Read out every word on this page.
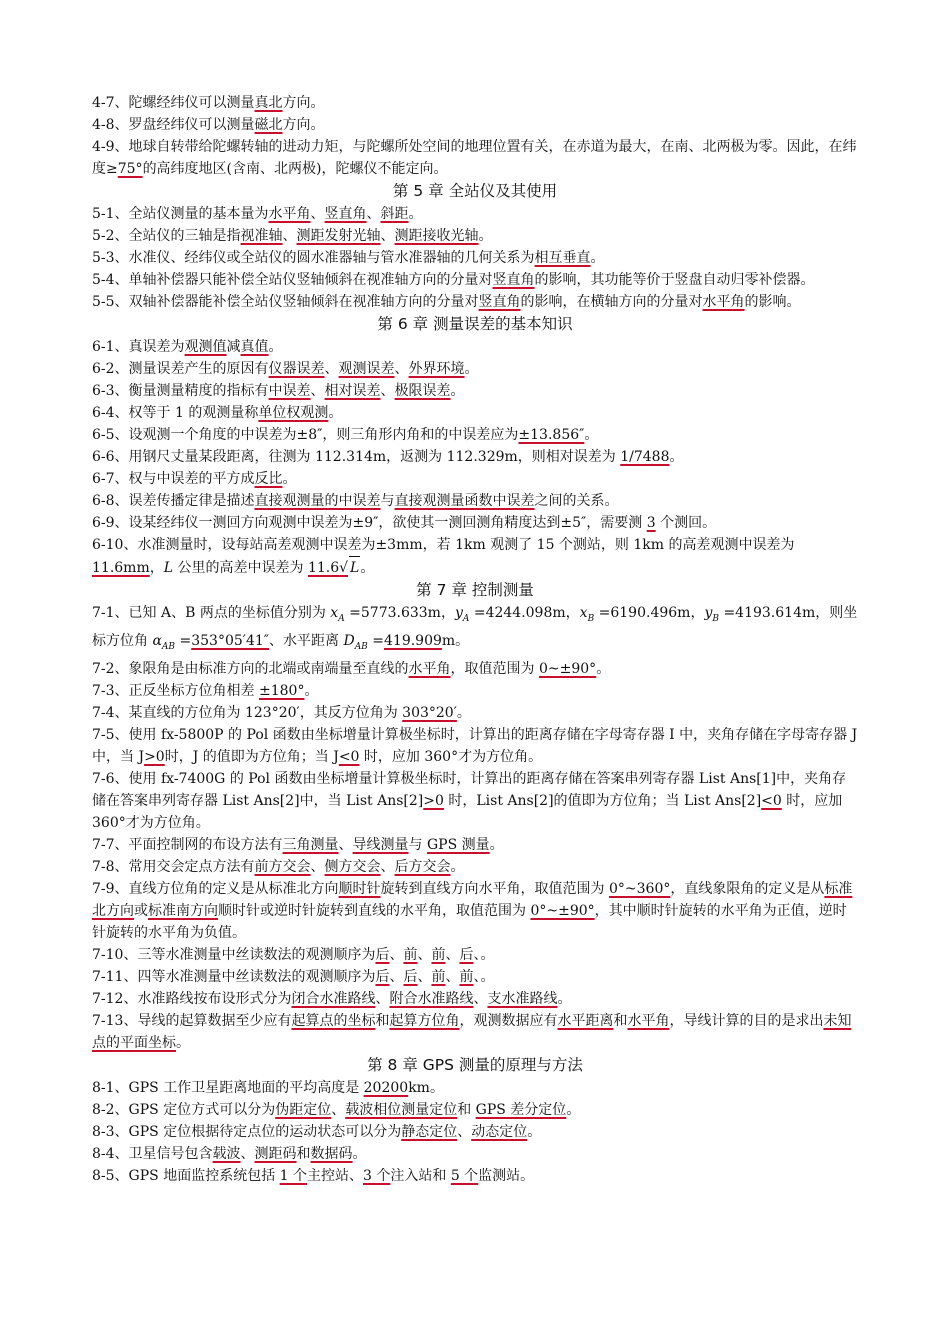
4-7、陀螺经纬仪可以测量真北方向。

4-8、罗盘经纬仪可以测量磁北方向。

4-9、地球自转带给陀螺转轴的进动力矩，与陀螺所处空间的地理位置有关，在赤道为最大，在南、北两极为零。因此，在纬度≥75°的高纬度地区(含南、北两极)，陀螺仪不能定向。

第 5 章 全站仪及其使用

5-1、全站仪测量的基本量为水平角、竖直角、斜距。

5-2、全站仪的三轴是指视准轴、测距发射光轴、测距接收光轴。

5-3、水准仪、经纬仪或全站仪的圆水准器轴与管水准器轴的几何关系为相互垂直。

5-4、单轴补偿器只能补偿全站仪竖轴倾斜在视准轴方向的分量对竖直角的影响，其功能等价于竖盘自动归零补偿器。

5-5、双轴补偿器能补偿全站仪竖轴倾斜在视准轴方向的分量对竖直角的影响，在横轴方向的分量对水平角的影响。

第 6 章 测量误差的基本知识

6-1、真误差为观测值减真值。

6-2、测量误差产生的原因有仪器误差、观测误差、外界环境。

6-3、衡量测量精度的指标有中误差、相对误差、极限误差。

6-4、权等于 1 的观测量称单位权观测。

6-5、设观测一个角度的中误差为±8″，则三角形内角和的中误差应为±13.856″。

6-6、用钢尺丈量某段距离，往测为 112.314m，返测为 112.329m，则相对误差为 1/7488。

6-7、权与中误差的平方成反比。

6-8、误差传播定律是描述直接观测量的中误差与直接观测量函数中误差之间的关系。

6-9、设某经纬仪一测回方向观测中误差为±9″，欲使其一测回测角精度达到±5″，需要测 3 个测回。

6-10、水准测量时，设每站高差观测中误差为±3mm，若 1km 观测了 15 个测站，则 1km 的高差观测中误差为 11.6mm，L 公里的高差中误差为 11.6√ L。

第 7 章 控制测量

7-1、已知 A、B 两点的坐标值分别为 $x_A =5773.633m$，$y_A =4244.098m$，$x_B =6190.496m$，$y_B =4193.614m$，则坐标方位角 $\alpha_{AB} =353^\circ 05'41''$、水平距离 $D_{AB} =419.909m$。

7-2、象限角是由标准方向的北端或南端量至直线的水平角，取值范围为 0~±90°。

7-3、正反坐标方位角相差 ±180°。

7-4、某直线的方位角为 123°20′，其反方位角为 303°20′。

7-5、使用 fx-5800P 的 Pol 函数由坐标增量计算极坐标时，计算出的距离存储在字母寄存器 I 中，夹角存储在字母寄存器 J 中，当 J>0时，J 的值即为方位角；当 J<0 时，应加 360°才为方位角。

7-6、使用 fx-7400G 的 Pol 函数由坐标增量计算极坐标时，计算出的距离存储在答案串列寄存器 List Ans[1]中，夹角存储在答案串列寄存器 List Ans[2]中，当 List Ans[2]>0 时，List Ans[2]的值即为方位角；当 List Ans[2]<0 时，应加 360°才为方位角。

7-7、平面控制网的布设方法有三角测量、导线测量与 GPS 测量。

7-8、常用交会定点方法有前方交会、侧方交会、后方交会。

7-9、直线方位角的定义是从标准北方向顺时针旋转到直线方向水平角，取值范围为 0°~360°，直线象限角的定义是从标准北方向或标准南方向顺时针或逆时针旋转到直线的水平角，取值范围为 0°~±90°，其中顺时针旋转的水平角为正值，逆时针旋转的水平角为负值。

7-10、三等水准测量中丝读数法的观测顺序为后、前、前、后、。

7-11、四等水准测量中丝读数法的观测顺序为后、后、前、前、。

7-12、水准路线按布设形式分为闭合水准路线、附合水准路线、支水准路线。

7-13、导线的起算数据至少应有起算点的坐标和起算方位角，观测数据应有水平距离和水平角，导线计算的目的是求出未知点的平面坐标。

第 8 章 GPS 测量的原理与方法

8-1、GPS 工作卫星距离地面的平均高度是 20200km。

8-2、GPS 定位方式可以分为伪距定位、载波相位测量定位和 GPS 差分定位。

8-3、GPS 定位根据待定点位的运动状态可以分为静态定位、动态定位。

8-4、卫星信号包含载波、测距码和数据码。

8-5、GPS 地面监控系统包括 1 个主控站、3 个注入站和 5 个监测站。
